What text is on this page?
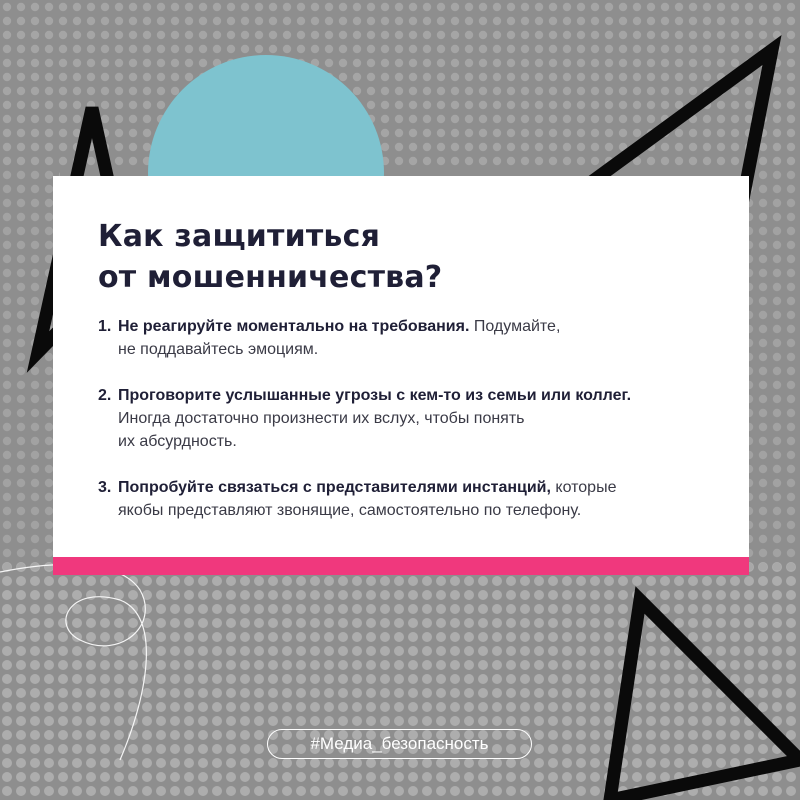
Как защититься
от мошенничества?
1. Не реагируйте моментально на требования. Подумайте,
не поддавайтесь эмоциям.
2. Проговорите услышанные угрозы с кем-то из семьи или коллег.
Иногда достаточно произнести их вслух, чтобы понять
их абсурдность.
3. Попробуйте связаться с представителями инстанций, которые
якобы представляют звонящие, самостоятельно по телефону.
#Медиа_безопасность
